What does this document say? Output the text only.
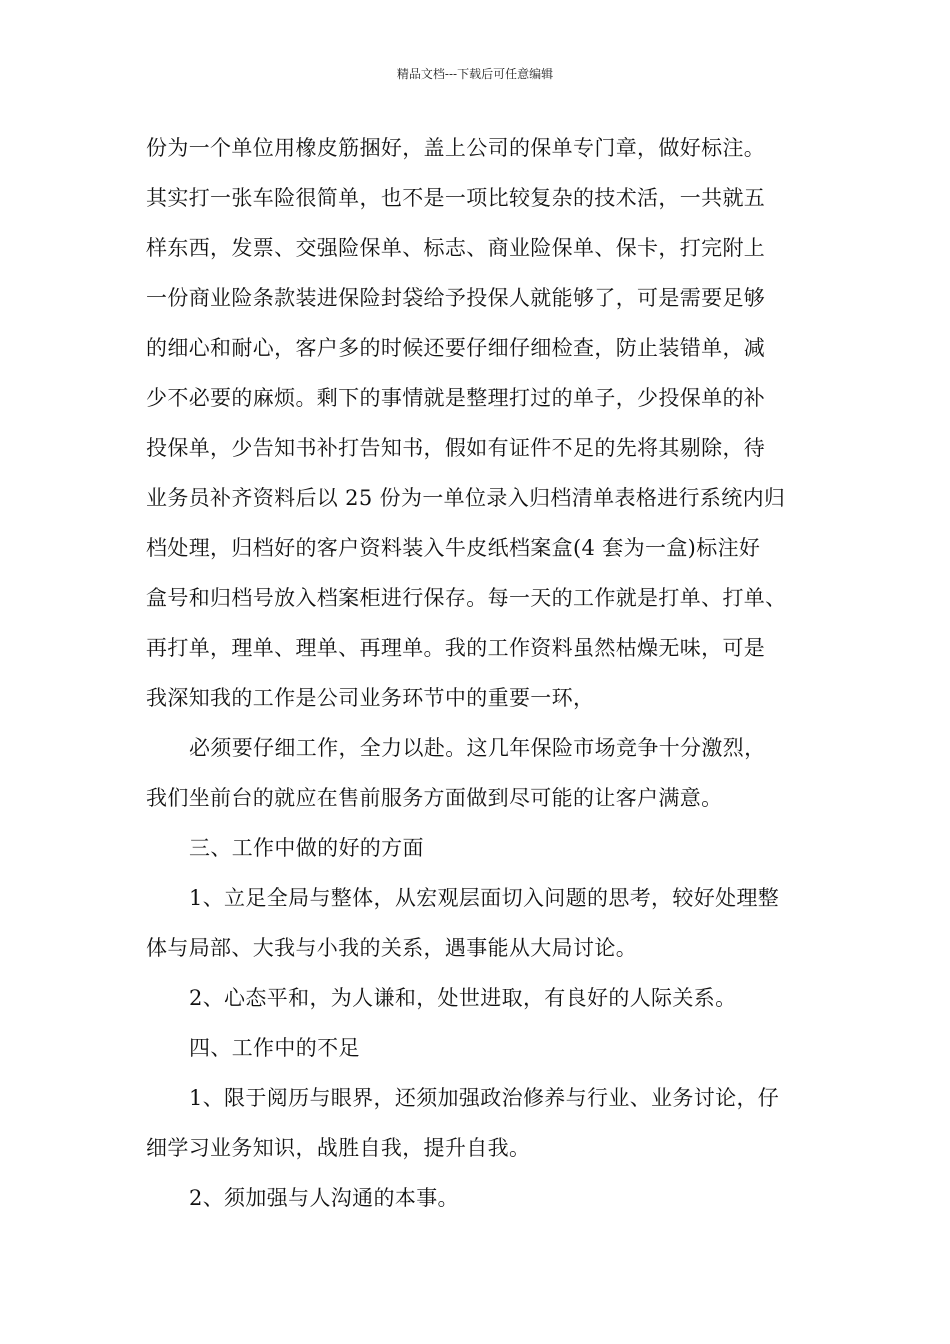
精品文档---下载后可任意编辑
份为一个单位用橡皮筋捆好，盖上公司的保单专门章，做好标注。
其实打一张车险很简单，也不是一项比较复杂的技术活，一共就五
样东西，发票、交强险保单、标志、商业险保单、保卡，打完附上
一份商业险条款装进保险封袋给予投保人就能够了，可是需要足够
的细心和耐心，客户多的时候还要仔细仔细检查，防止装错单，减
少不必要的麻烦。剩下的事情就是整理打过的单子，少投保单的补
投保单，少告知书补打告知书，假如有证件不足的先将其剔除，待
业务员补齐资料后以 25 份为一单位录入归档清单表格进行系统内归
档处理，归档好的客户资料装入牛皮纸档案盒(4 套为一盒)标注好
盒号和归档号放入档案柜进行保存。每一天的工作就是打单、打单、
再打单，理单、理单、再理单。我的工作资料虽然枯燥无味，可是
我深知我的工作是公司业务环节中的重要一环，
必须要仔细工作，全力以赴。这几年保险市场竞争十分激烈，
我们坐前台的就应在售前服务方面做到尽可能的让客户满意。
三、工作中做的好的方面
1、立足全局与整体，从宏观层面切入问题的思考，较好处理整
体与局部、大我与小我的关系，遇事能从大局讨论。
2、心态平和，为人谦和，处世进取，有良好的人际关系。
四、工作中的不足
1、限于阅历与眼界，还须加强政治修养与行业、业务讨论，仔
细学习业务知识，战胜自我，提升自我。
2、须加强与人沟通的本事。
